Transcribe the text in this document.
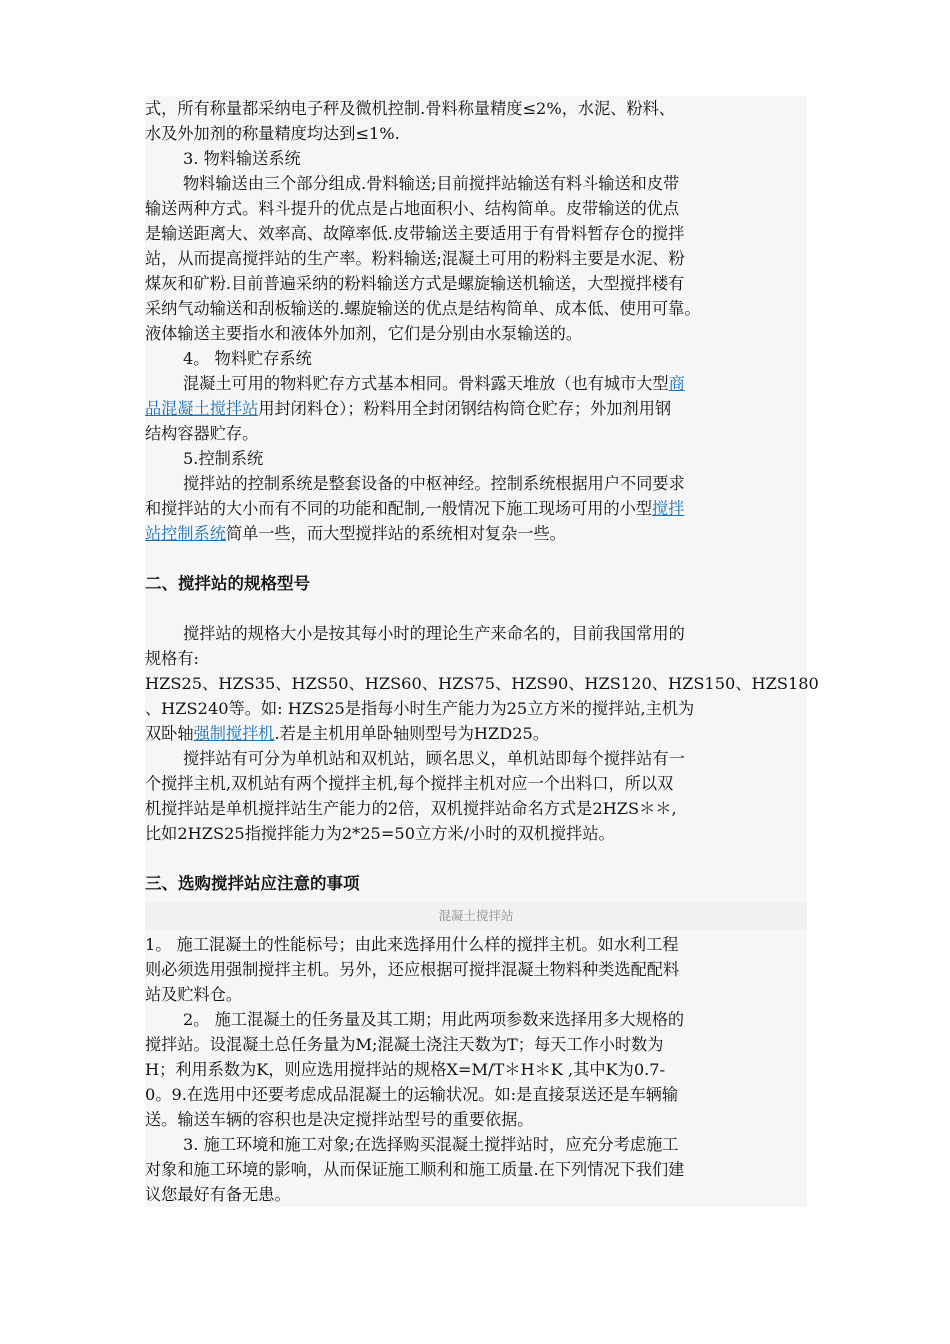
式，所有称量都采纳电子秤及微机控制.骨料称量精度≤2%，水泥、粉料、
水及外加剂的称量精度均达到≤1%.
3. 物料输送系统
物料输送由三个部分组成.骨料输送;目前搅拌站输送有料斗输送和皮带
输送两种方式。料斗提升的优点是占地面积小、结构简单。皮带输送的优点
是输送距离大、效率高、故障率低.皮带输送主要适用于有骨料暂存仓的搅拌
站，从而提高搅拌站的生产率。粉料输送;混凝土可用的粉料主要是水泥、粉
煤灰和矿粉.目前普遍采纳的粉料输送方式是螺旋输送机输送，大型搅拌楼有
采纳气动输送和刮板输送的.螺旋输送的优点是结构简单、成本低、使用可靠。
液体输送主要指水和液体外加剂，它们是分别由水泵输送的。
4。 物料贮存系统
混凝土可用的物料贮存方式基本相同。骨料露天堆放（也有城市大型商
品混凝土搅拌站用封闭料仓）；粉料用全封闭钢结构筒仓贮存；外加剂用钢
结构容器贮存。
5.控制系统
搅拌站的控制系统是整套设备的中枢神经。控制系统根据用户不同要求
和搅拌站的大小而有不同的功能和配制,一般情况下施工现场可用的小型搅拌
站控制系统简单一些，而大型搅拌站的系统相对复杂一些。
二、搅拌站的规格型号
搅拌站的规格大小是按其每小时的理论生产来命名的，目前我国常用的
规格有:
HZS25、HZS35、HZS50、HZS60、HZS75、HZS90、HZS120、HZS150、HZS180
、HZS240等。如: HZS25是指每小时生产能力为25立方米的搅拌站,主机为
双卧轴强制搅拌机.若是主机用单卧轴则型号为HZD25。
搅拌站有可分为单机站和双机站，顾名思义，单机站即每个搅拌站有一
个搅拌主机,双机站有两个搅拌主机,每个搅拌主机对应一个出料口，所以双
机搅拌站是单机搅拌站生产能力的2倍，双机搅拌站命名方式是2HZS＊＊,
比如2HZS25指搅拌能力为2*25=50立方米/小时的双机搅拌站。
三、选购搅拌站应注意的事项
混凝土搅拌站
1。 施工混凝土的性能标号；由此来选择用什么样的搅拌主机。如水利工程
则必须选用强制搅拌主机。另外，还应根据可搅拌混凝土物料种类选配配料
站及贮料仓。
2。 施工混凝土的任务量及其工期；用此两项参数来选择用多大规格的
搅拌站。设混凝土总任务量为M;混凝土浇注天数为T；每天工作小时数为
H；利用系数为K，则应选用搅拌站的规格X=M/T＊H＊K ,其中K为0.7-
0。9.在选用中还要考虑成品混凝土的运输状况。如:是直接泵送还是车辆输
送。输送车辆的容积也是决定搅拌站型号的重要依据。
3. 施工环境和施工对象;在选择购买混凝土搅拌站时，应充分考虑施工
对象和施工环境的影响，从而保证施工顺利和施工质量.在下列情况下我们建
议您最好有备无患。
